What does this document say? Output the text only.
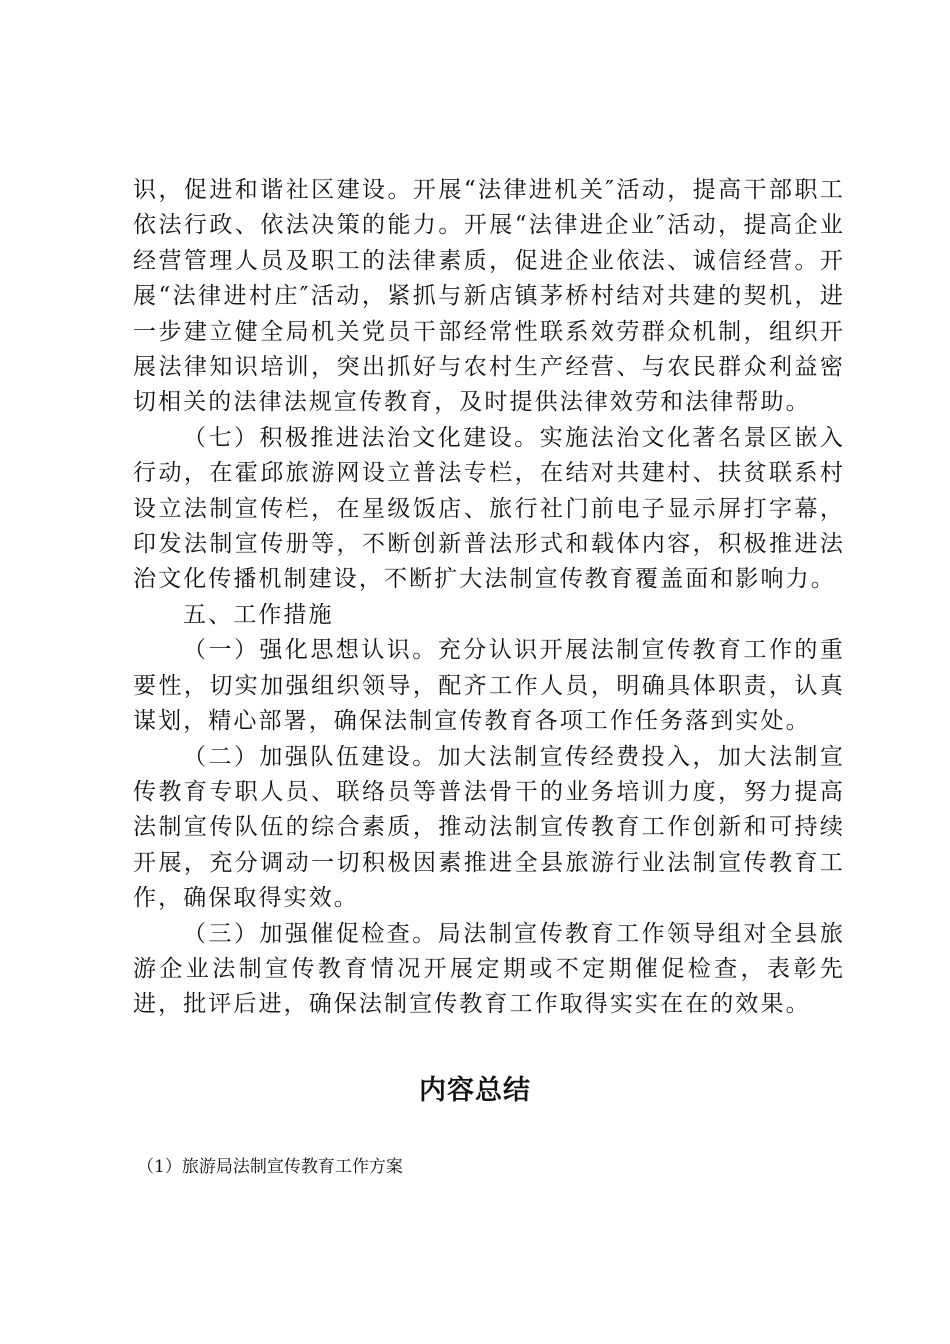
识，促进和谐社区建设。开展“法律进机关″活动，提高干部职工依法行政、依法决策的能力。开展“法律进企业″活动，提高企业经营管理人员及职工的法律素质，促进企业依法、诚信经营。开展“法律进村庄″活动，紧抓与新店镇茅桥村结对共建的契机，进一步建立健全局机关党员干部经常性联系效劳群众机制，组织开展法律知识培训，突出抓好与农村生产经营、与农民群众利益密切相关的法律法规宣传教育，及时提供法律效劳和法律帮助。

（七）积极推进法治文化建设。实施法治文化著名景区嵌入行动，在霍邱旅游网设立普法专栏，在结对共建村、扶贫联系村设立法制宣传栏，在星级饭店、旅行社门前电子显示屏打字幕，印发法制宣传册等，不断创新普法形式和载体内容，积极推进法治文化传播机制建设，不断扩大法制宣传教育覆盖面和影响力。

五、工作措施

（一）强化思想认识。充分认识开展法制宣传教育工作的重要性，切实加强组织领导，配齐工作人员，明确具体职责，认真谋划，精心部署，确保法制宣传教育各项工作任务落到实处。

（二）加强队伍建设。加大法制宣传经费投入，加大法制宣传教育专职人员、联络员等普法骨干的业务培训力度，努力提高法制宣传队伍的综合素质，推动法制宣传教育工作创新和可持续开展，充分调动一切积极因素推进全县旅游行业法制宣传教育工作，确保取得实效。

（三）加强催促检查。局法制宣传教育工作领导组对全县旅游企业法制宣传教育情况开展定期或不定期催促检查，表彰先进，批评后进，确保法制宣传教育工作取得实实在在的效果。

内容总结

（1）旅游局法制宣传教育工作方案
